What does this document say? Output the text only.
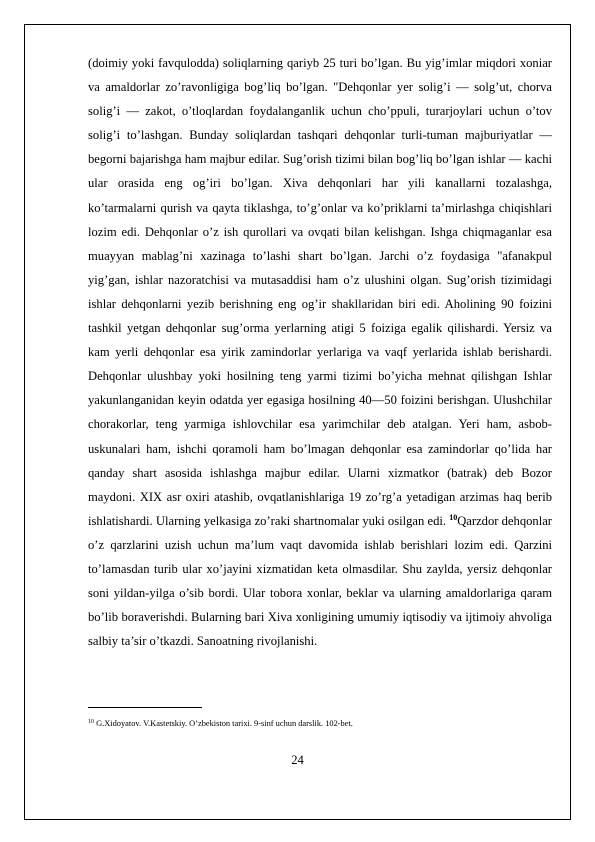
(doimiy yoki favqulodda) soliqlarning qariyb 25 turi bo’lgan. Bu yig’imlar miqdori xoniar va amaldorlar zo’ravonligiga bog’liq bo’lgan. "Dehqonlar yer solig’i — solg’ut, chorva solig’i — zakot, o’tloqlardan foydalanganlik uchun cho’ppuli, turarjoylari uchun o’tov solig’i to’lashgan. Bunday soliqlardan tashqari dehqonlar turli-tuman majburiyatlar — begorni bajarishga ham majbur edilar. Sug’orish tizimi bilan bog’liq bo’lgan ishlar — kachi ular orasida eng og’iri bo’lgan. Xiva dehqonlari har yili kanallarni tozalashga, ko’tarmalarni qurish va qayta tiklashga, to’g’onlar va ko’priklarni ta’mirlashga chiqishlari lozim edi. Dehqonlar o’z ish qurollari va ovqati bilan kelishgan. Ishga chiqmaganlar esa muayyan mablag’ni xazinaga to’lashi shart bo’lgan. Jarchi o’z foydasiga "afanakpul yig’gan, ishlar nazoratchisi va mutasaddisi ham o’z ulushini olgan. Sug’orish tizimidagi ishlar dehqonlarni yezib berishning eng og’ir shakllaridan biri edi. Aholining 90 foizini tashkil yetgan dehqonlar sug’orma yerlarning atigi 5 foiziga egalik qilishardi. Yersiz va kam yerli dehqonlar esa yirik zamindorlar yerlariga va vaqf yerlarida ishlab berishardi. Dehqonlar ulushbay yoki hosilning teng yarmi tizimi bo’yicha mehnat qilishgan Ishlar yakunlanganidan keyin odatda yer egasiga hosilning 40—50 foizini berishgan. Ulushchilar chorakorlar, teng yarmiga ishlovchilar esa yarimchilar deb atalgan. Yeri ham, asbob-uskunalari ham, ishchi qoramoli ham bo’lmagan dehqonlar esa zamindorlar qo’lida har qanday shart asosida ishlashga majbur edilar. Ularni xizmatkor (batrak) deb Bozor maydoni. XIX asr oxiri atashib, ovqatlanishlariga 19 zo’rg’a yetadigan arzimas haq berib ishlatishardi. Ularning yelkasiga zo’raki shartnomalar yuki osilgan edi. $^{10}$Qarzdor dehqonlar o’z qarzlarini uzish uchun ma’lum vaqt davomida ishlab berishlari lozim edi. Qarzini to’lamasdan turib ular xo’jayini xizmatidan keta olmasdilar. Shu zaylda, yersiz dehqonlar soni yildan-yilga o’sib bordi. Ular tobora xonlar, beklar va ularning amaldorlariga qaram bo’lib boraverishdi. Bularning bari Xiva xonligining umumiy iqtisodiy va ijtimoiy ahvoliga salbiy ta’sir o’tkazdi. Sanoatning rivojlanishi.

$^{10}$ G.Xidoyatov. V.Kastetskiy. O’zbekiston tarixi. 9-sinf uchun darslik. 102-bet.

24
